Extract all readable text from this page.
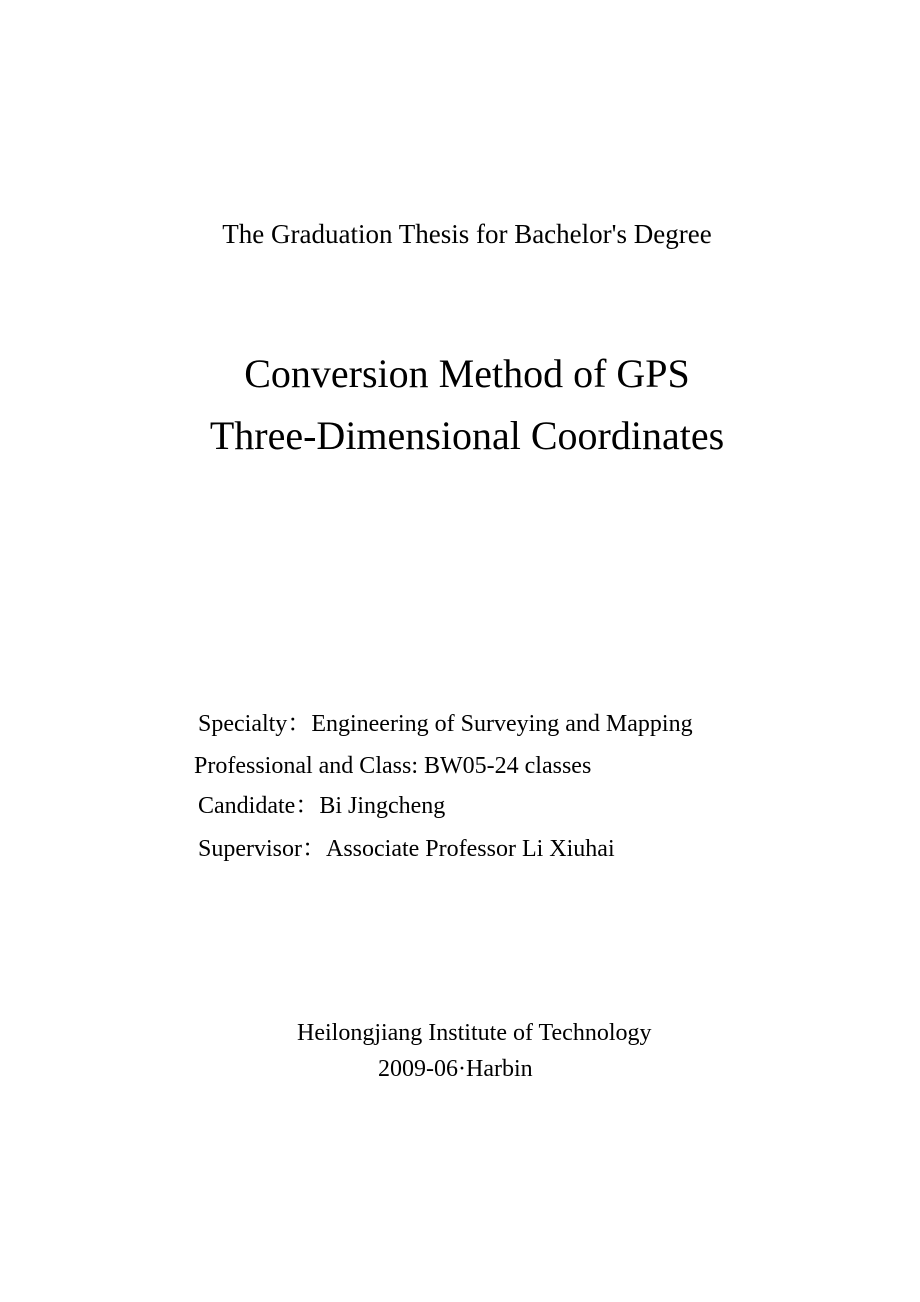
The Graduation Thesis for Bachelor's Degree
Conversion Method of GPS
Three-Dimensional Coordinates
Specialty：Engineering of Surveying and Mapping
Professional and Class: BW05-24 classes
Candidate：Bi Jingcheng
Supervisor：Associate Professor Li Xiuhai
Heilongjiang Institute of Technology
2009-06·Harbin
